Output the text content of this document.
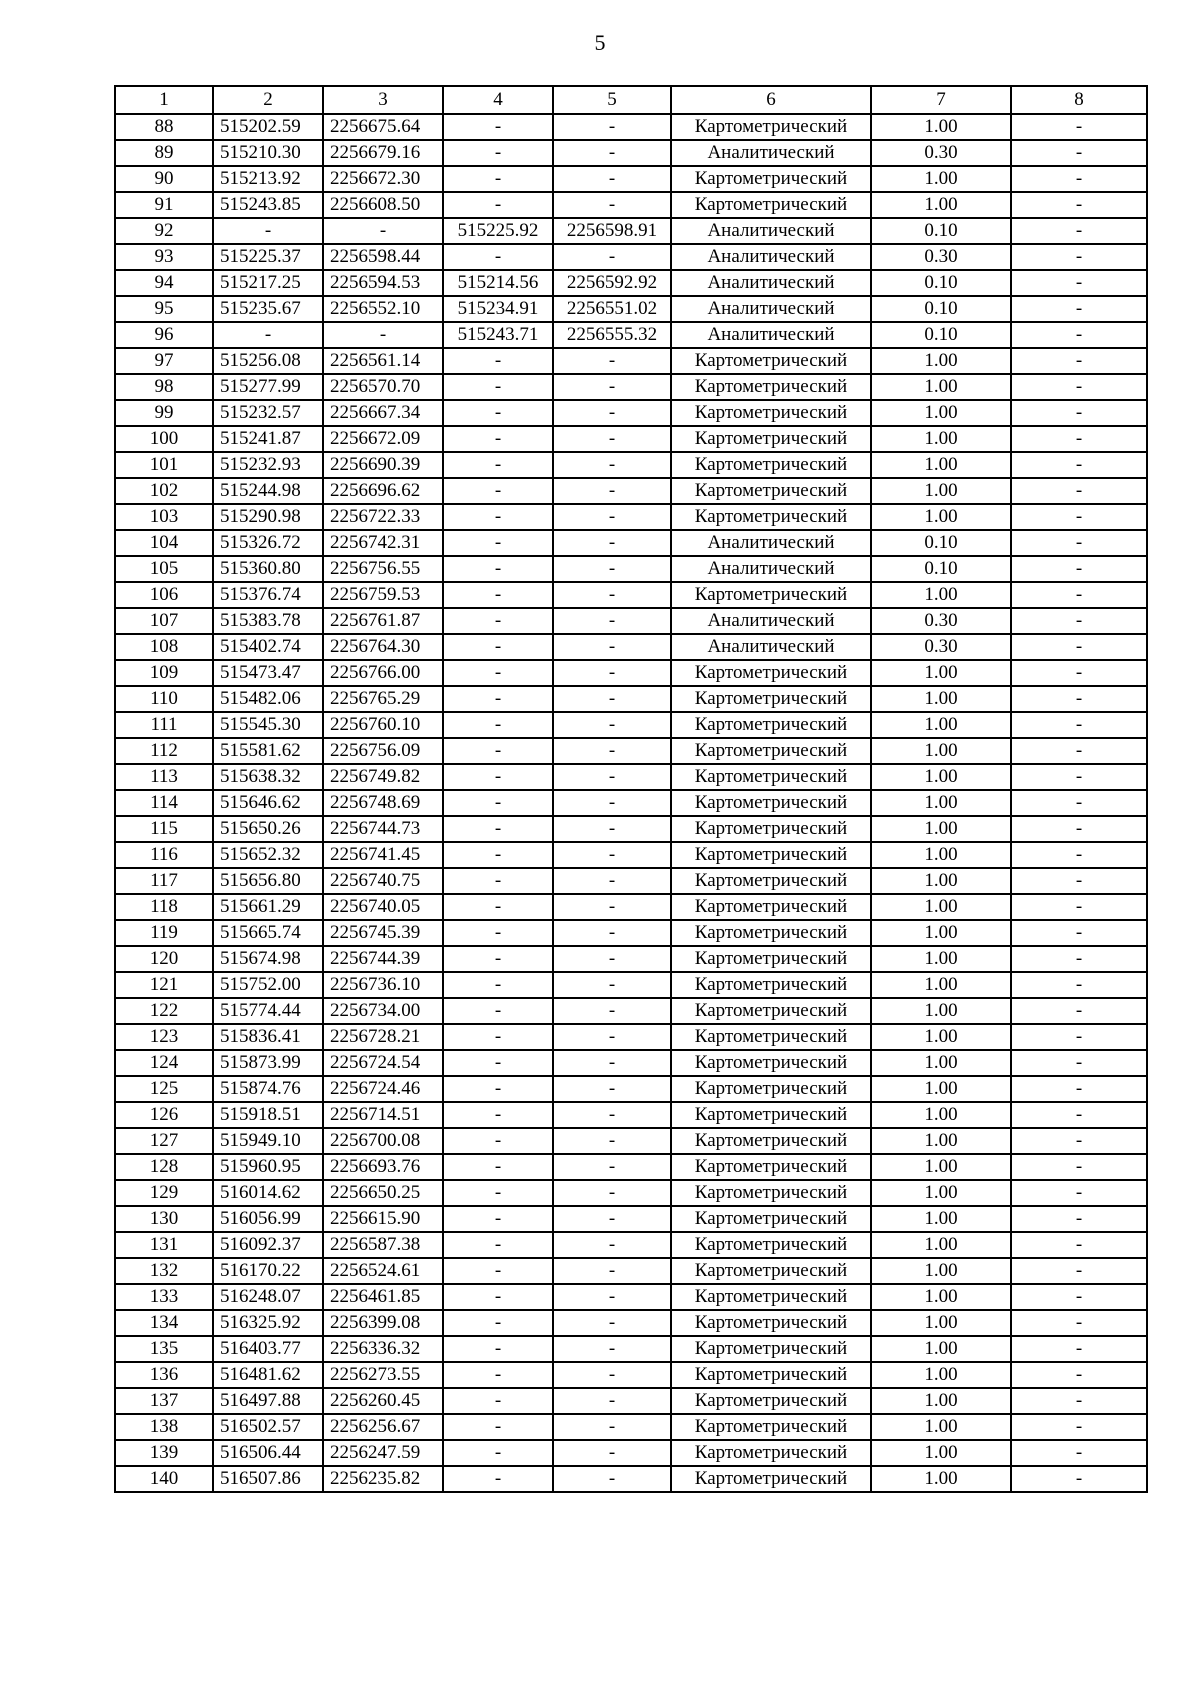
5
1	2	3	4	5	6	7	8
88	515202.59	2256675.64	-	-	Картометрический	1.00	-
89	515210.30	2256679.16	-	-	Аналитический	0.30	-
90	515213.92	2256672.30	-	-	Картометрический	1.00	-
91	515243.85	2256608.50	-	-	Картометрический	1.00	-
92	-	-	515225.92	2256598.91	Аналитический	0.10	-
93	515225.37	2256598.44	-	-	Аналитический	0.30	-
94	515217.25	2256594.53	515214.56	2256592.92	Аналитический	0.10	-
95	515235.67	2256552.10	515234.91	2256551.02	Аналитический	0.10	-
96	-	-	515243.71	2256555.32	Аналитический	0.10	-
97	515256.08	2256561.14	-	-	Картометрический	1.00	-
98	515277.99	2256570.70	-	-	Картометрический	1.00	-
99	515232.57	2256667.34	-	-	Картометрический	1.00	-
100	515241.87	2256672.09	-	-	Картометрический	1.00	-
101	515232.93	2256690.39	-	-	Картометрический	1.00	-
102	515244.98	2256696.62	-	-	Картометрический	1.00	-
103	515290.98	2256722.33	-	-	Картометрический	1.00	-
104	515326.72	2256742.31	-	-	Аналитический	0.10	-
105	515360.80	2256756.55	-	-	Аналитический	0.10	-
106	515376.74	2256759.53	-	-	Картометрический	1.00	-
107	515383.78	2256761.87	-	-	Аналитический	0.30	-
108	515402.74	2256764.30	-	-	Аналитический	0.30	-
109	515473.47	2256766.00	-	-	Картометрический	1.00	-
110	515482.06	2256765.29	-	-	Картометрический	1.00	-
111	515545.30	2256760.10	-	-	Картометрический	1.00	-
112	515581.62	2256756.09	-	-	Картометрический	1.00	-
113	515638.32	2256749.82	-	-	Картометрический	1.00	-
114	515646.62	2256748.69	-	-	Картометрический	1.00	-
115	515650.26	2256744.73	-	-	Картометрический	1.00	-
116	515652.32	2256741.45	-	-	Картометрический	1.00	-
117	515656.80	2256740.75	-	-	Картометрический	1.00	-
118	515661.29	2256740.05	-	-	Картометрический	1.00	-
119	515665.74	2256745.39	-	-	Картометрический	1.00	-
120	515674.98	2256744.39	-	-	Картометрический	1.00	-
121	515752.00	2256736.10	-	-	Картометрический	1.00	-
122	515774.44	2256734.00	-	-	Картометрический	1.00	-
123	515836.41	2256728.21	-	-	Картометрический	1.00	-
124	515873.99	2256724.54	-	-	Картометрический	1.00	-
125	515874.76	2256724.46	-	-	Картометрический	1.00	-
126	515918.51	2256714.51	-	-	Картометрический	1.00	-
127	515949.10	2256700.08	-	-	Картометрический	1.00	-
128	515960.95	2256693.76	-	-	Картометрический	1.00	-
129	516014.62	2256650.25	-	-	Картометрический	1.00	-
130	516056.99	2256615.90	-	-	Картометрический	1.00	-
131	516092.37	2256587.38	-	-	Картометрический	1.00	-
132	516170.22	2256524.61	-	-	Картометрический	1.00	-
133	516248.07	2256461.85	-	-	Картометрический	1.00	-
134	516325.92	2256399.08	-	-	Картометрический	1.00	-
135	516403.77	2256336.32	-	-	Картометрический	1.00	-
136	516481.62	2256273.55	-	-	Картометрический	1.00	-
137	516497.88	2256260.45	-	-	Картометрический	1.00	-
138	516502.57	2256256.67	-	-	Картометрический	1.00	-
139	516506.44	2256247.59	-	-	Картометрический	1.00	-
140	516507.86	2256235.82	-	-	Картометрический	1.00	-
